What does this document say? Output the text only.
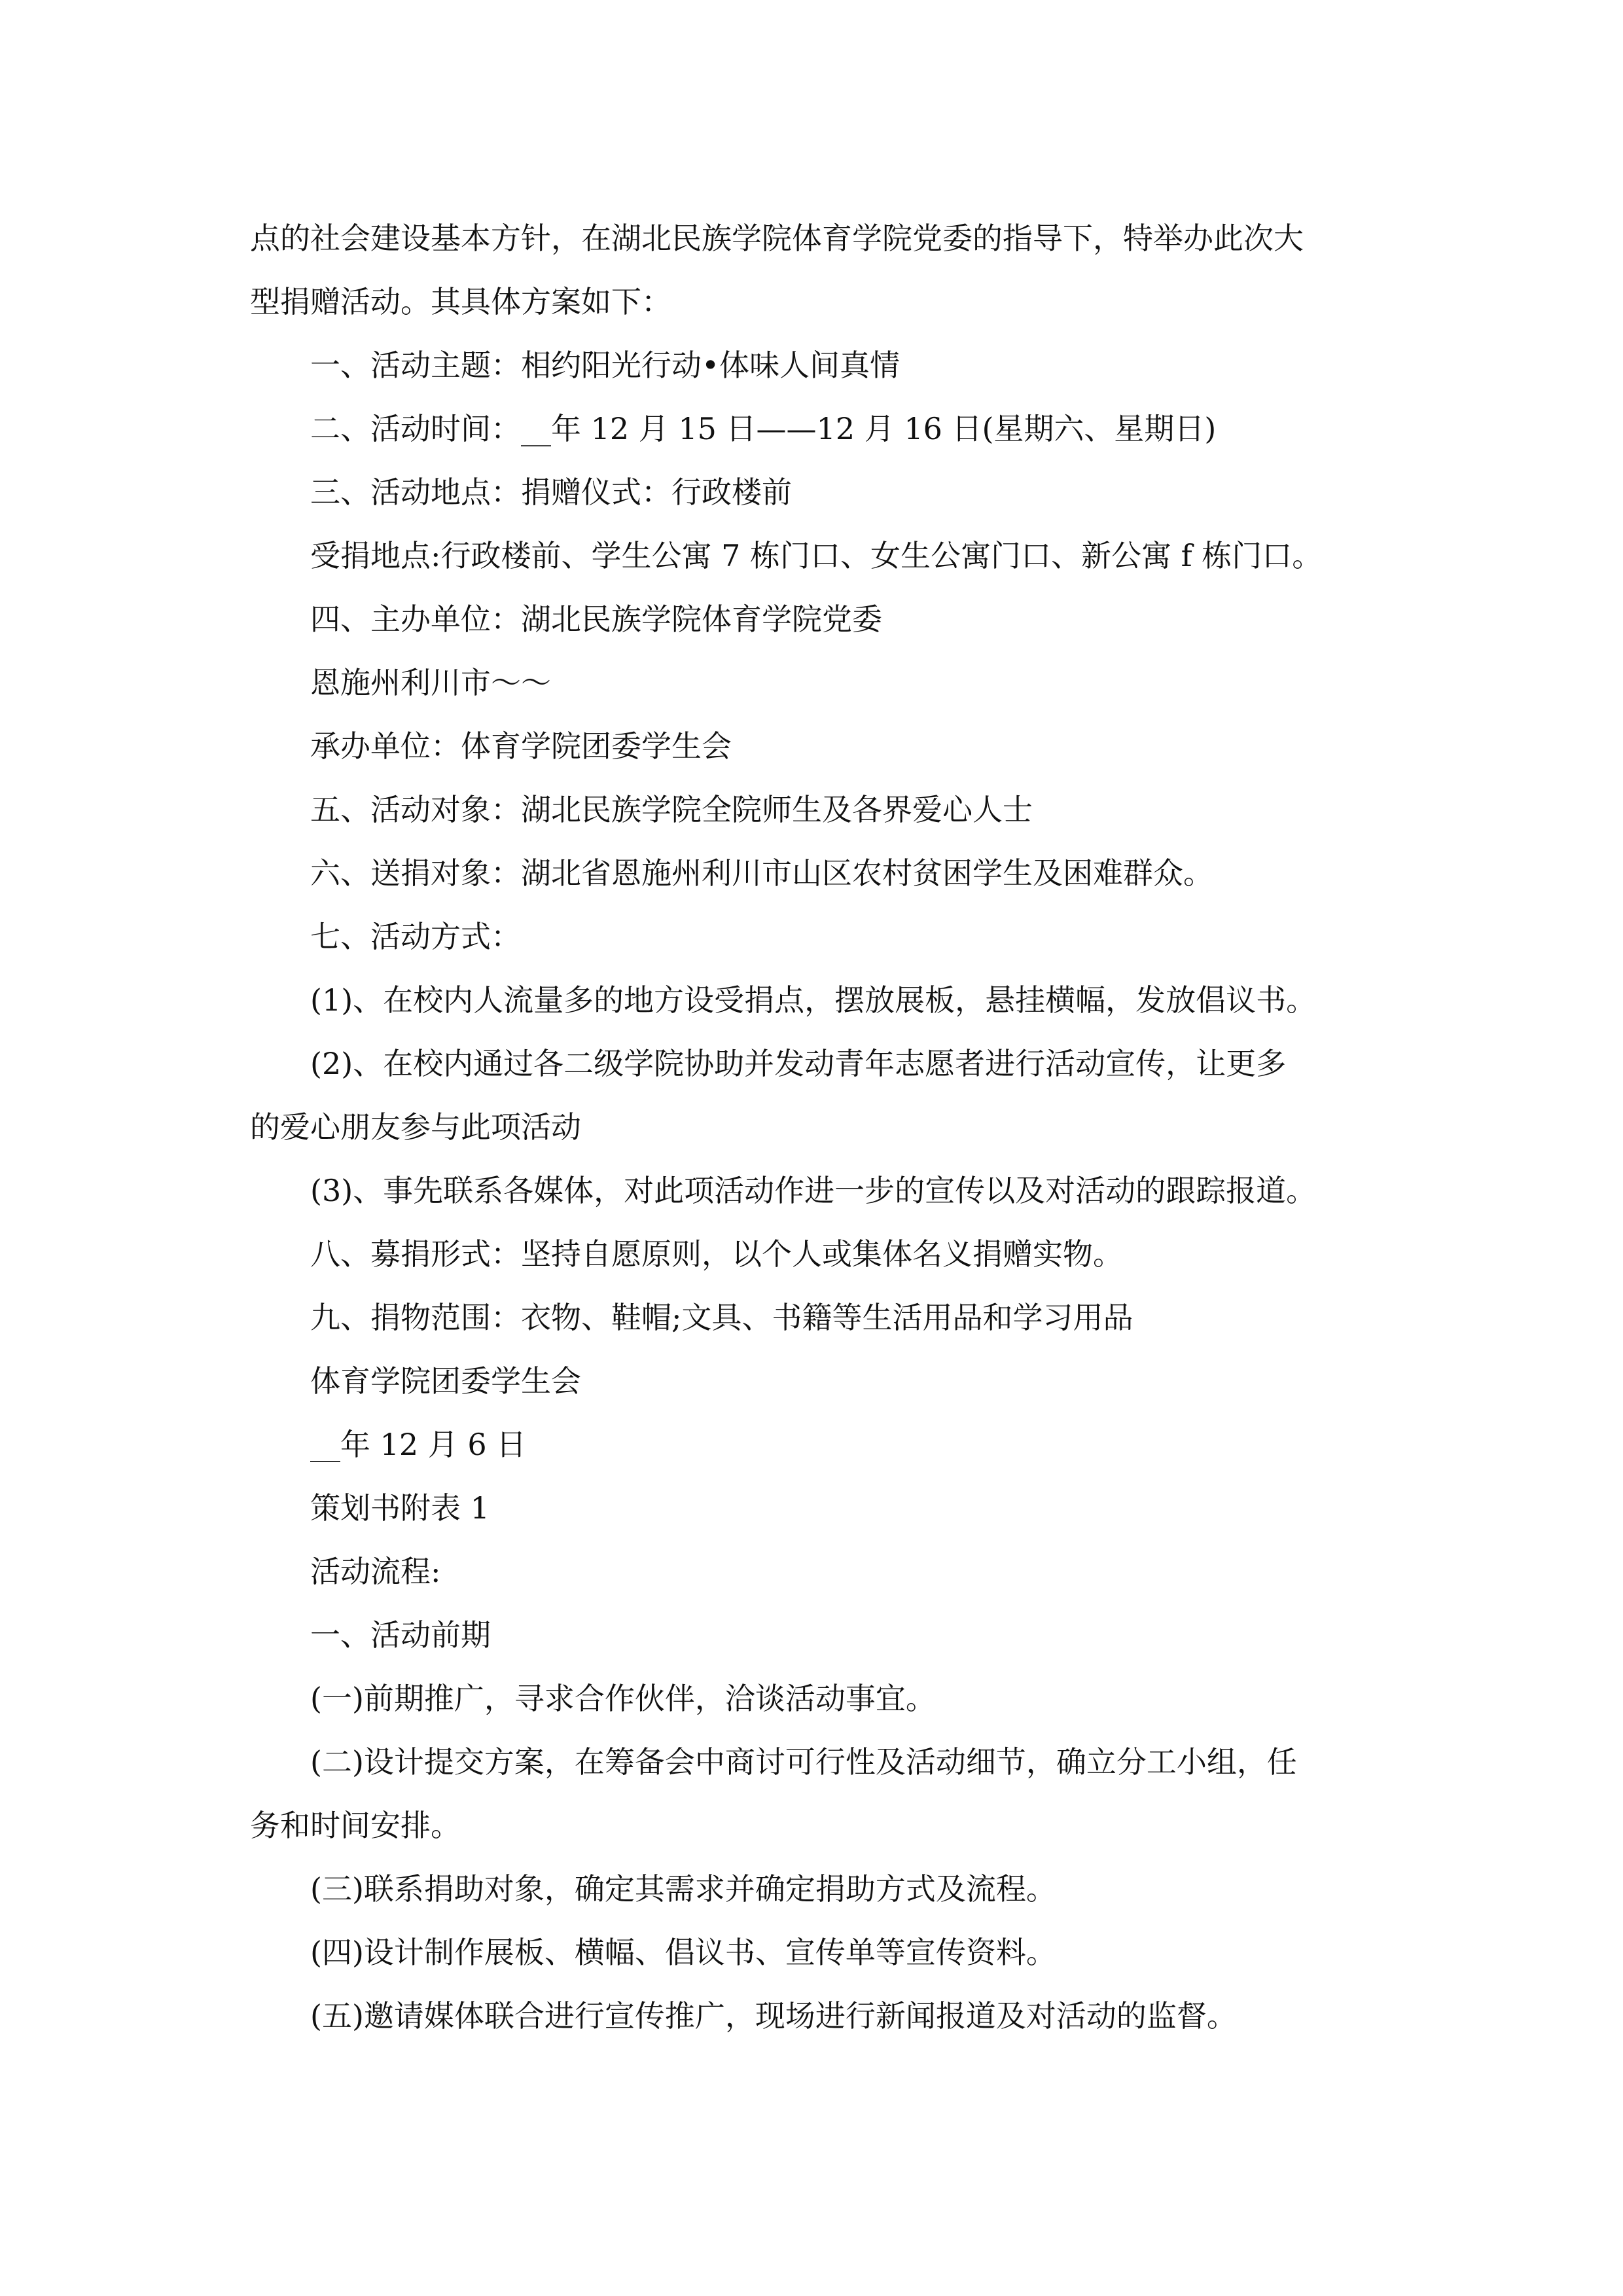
点的社会建设基本方针，在湖北民族学院体育学院党委的指导下，特举办此次大
型捐赠活动。其具体方案如下：
一、活动主题：相约阳光行动•体味人间真情
二、活动时间：__年 12 月 15 日——12 月 16 日(星期六、星期日)
三、活动地点：捐赠仪式：行政楼前
受捐地点:行政楼前、学生公寓 7 栋门口、女生公寓门口、新公寓 f 栋门口。
四、主办单位：湖北民族学院体育学院党委
恩施州利川市～～
承办单位：体育学院团委学生会
五、活动对象：湖北民族学院全院师生及各界爱心人士
六、送捐对象：湖北省恩施州利川市山区农村贫困学生及困难群众。
七、活动方式：
(1)、在校内人流量多的地方设受捐点，摆放展板，悬挂横幅，发放倡议书。
(2)、在校内通过各二级学院协助并发动青年志愿者进行活动宣传，让更多
的爱心朋友参与此项活动
(3)、事先联系各媒体，对此项活动作进一步的宣传以及对活动的跟踪报道。
八、募捐形式：坚持自愿原则，以个人或集体名义捐赠实物。
九、捐物范围：衣物、鞋帽;文具、书籍等生活用品和学习用品
体育学院团委学生会
__年 12 月 6 日
策划书附表 1
活动流程:
一、活动前期
(一)前期推广，寻求合作伙伴，洽谈活动事宜。
(二)设计提交方案，在筹备会中商讨可行性及活动细节，确立分工小组，任
务和时间安排。
(三)联系捐助对象，确定其需求并确定捐助方式及流程。
(四)设计制作展板、横幅、倡议书、宣传单等宣传资料。
(五)邀请媒体联合进行宣传推广，现场进行新闻报道及对活动的监督。
